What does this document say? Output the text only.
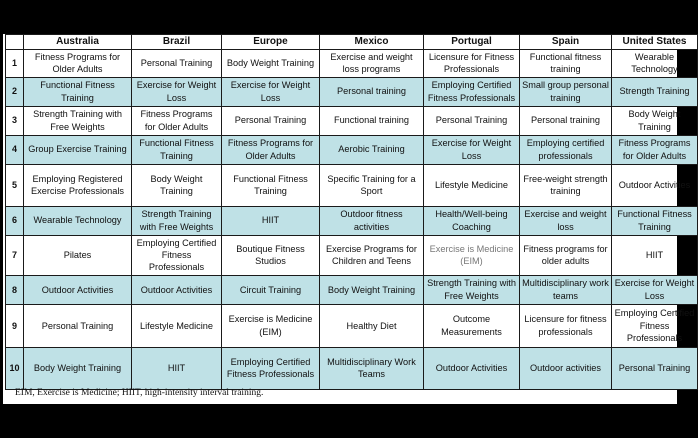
	Australia	Brazil	Europe	Mexico	Portugal	Spain	United States
1	Fitness Programs for Older Adults	Personal Training	Body Weight Training	Exercise and weight loss programs	Licensure for Fitness Professionals	Functional fitness training	Wearable Technology
2	Functional Fitness Training	Exercise for Weight Loss	Exercise for Weight Loss	Personal training	Employing Certified Fitness Professionals	Small group personal training	Strength Training
3	Strength Training with Free Weights	Fitness Programs for Older Adults	Personal Training	Functional training	Personal Training	Personal training	Body Weight Training
4	Group Exercise Training	Functional Fitness Training	Fitness Programs for Older Adults	Aerobic Training	Exercise for Weight Loss	Employing certified professionals	Fitness Programs for Older Adults
5	Employing Registered Exercise Professionals	Body Weight Training	Functional Fitness Training	Specific Training for a Sport	Lifestyle Medicine	Free-weight strength training	Outdoor Activities
6	Wearable Technology	Strength Training with Free Weights	HIIT	Outdoor fitness activities	Health/Well-being Coaching	Exercise and weight loss	Functional Fitness Training
7	Pilates	Employing Certified Fitness Professionals	Boutique Fitness Studios	Exercise Programs for Children and Teens	Exercise is Medicine (EIM)	Fitness programs for older adults	HIIT
8	Outdoor Activities	Outdoor Activities	Circuit Training	Body Weight Training	Strength Training with Free Weights	Multidisciplinary work teams	Exercise for Weight Loss
9	Personal Training	Lifestyle Medicine	Exercise is Medicine (EIM)	Healthy Diet	Outcome Measurements	Licensure for fitness professionals	Employing Certified Fitness Professionals
10	Body Weight Training	HIIT	Employing Certified Fitness Professionals	Multidisciplinary Work Teams	Outdoor Activities	Outdoor activities	Personal Training
EIM, Exercise is Medicine; HIIT, high-intensity interval training.
